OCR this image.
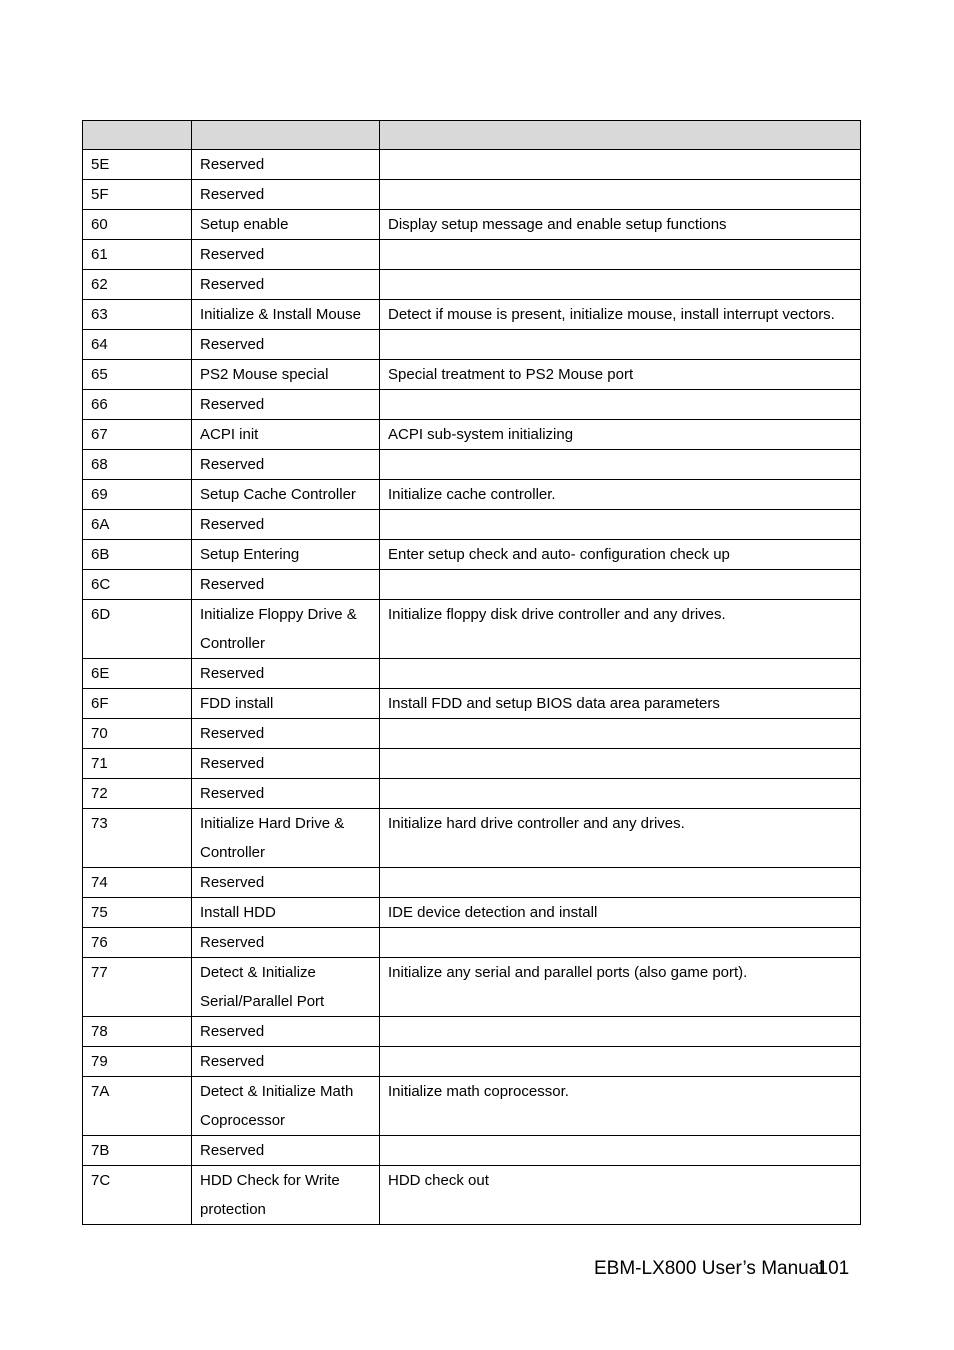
5E	Reserved	
5F	Reserved	
60	Setup enable	Display setup message and enable setup functions
61	Reserved	
62	Reserved	
63	Initialize & Install Mouse	Detect if mouse is present, initialize mouse, install interrupt vectors.
64	Reserved	
65	PS2 Mouse special	Special treatment to PS2 Mouse port
66	Reserved	
67	ACPI init	ACPI sub-system initializing
68	Reserved	
69	Setup Cache Controller	Initialize cache controller.
6A	Reserved	
6B	Setup Entering	Enter setup check and auto- configuration check up
6C	Reserved	
6D	Initialize Floppy Drive & Controller	Initialize floppy disk drive controller and any drives.
6E	Reserved	
6F	FDD install	Install FDD and setup BIOS data area parameters
70	Reserved	
71	Reserved	
72	Reserved	
73	Initialize Hard Drive & Controller	Initialize hard drive controller and any drives.
74	Reserved	
75	Install HDD	IDE device detection and install
76	Reserved	
77	Detect & Initialize Serial/Parallel Port	Initialize any serial and parallel ports (also game port).
78	Reserved	
79	Reserved	
7A	Detect & Initialize Math Coprocessor	Initialize math coprocessor.
7B	Reserved	
7C	HDD Check for Write protection	HDD check out
EBM-LX800 User’s Manual101
